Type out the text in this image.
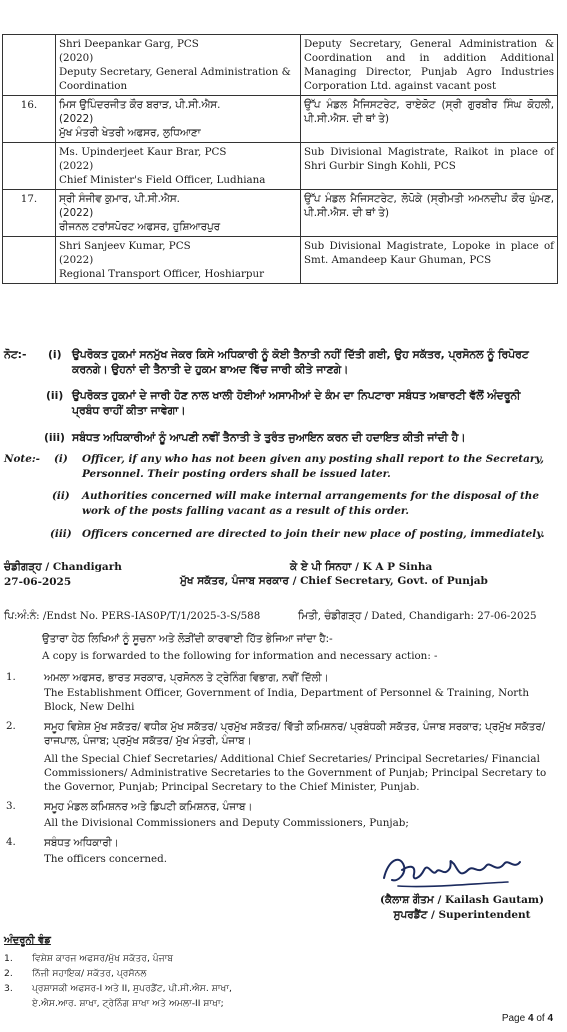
	Shri Deepankar Garg, PCS
(2020)
Deputy Secretary, General Administration & Coordination	Deputy Secretary, General Administration & Coordination and in addition Additional Managing Director, Punjab Agro Industries Corporation Ltd. against vacant post
16.	ਮਿਸ ਉਪਿੰਦਰਜੀਤ ਕੌਰ ਬਰਾੜ, ਪੀ.ਸੀ.ਐਸ.
(2022)
ਮੁੱਖ ਮੰਤਰੀ ਖੇਤਰੀ ਅਫਸਰ, ਲੁਧਿਆਣਾ	ਉੱਪ ਮੰਡਲ ਮੈਜਿਸਟਰੇਟ, ਰਾਏਕੋਟ (ਸ੍ਰੀ ਗੁਰਬੀਰ ਸਿੰਘ ਕੋਹਲੀ, ਪੀ.ਸੀ.ਐਸ. ਦੀ ਥਾਂ ਤੇ)

	Ms. Upinderjeet Kaur Brar, PCS
(2022)
Chief Minister's Field Officer, Ludhiana	Sub Divisional Magistrate, Raikot in place of Shri Gurbir Singh Kohli, PCS
17.	ਸ੍ਰੀ ਸੰਜੀਵ ਕੁਮਾਰ, ਪੀ.ਸੀ.ਐਸ.
(2022)
ਰੀਜਨਲ ਟਰਾਂਸਪੋਰਟ ਅਫਸਰ, ਹੁਸ਼ਿਆਰਪੁਰ	ਉੱਪ ਮੰਡਲ ਮੈਜਿਸਟਰੇਟ, ਲੋਪੋਕੇ (ਸ੍ਰੀਮਤੀ ਅਮਨਦੀਪ ਕੌਰ ਘੁੰਮਣ, ਪੀ.ਸੀ.ਐਸ. ਦੀ ਥਾਂ ਤੇ)

	Shri Sanjeev Kumar, PCS
(2022)
Regional Transport Officer, Hoshiarpur	Sub Divisional Magistrate, Lopoke in place of Smt. Amandeep Kaur Ghuman, PCS
ਨੋਟ:- (i) ਉਪਰੋਕਤ ਹੁਕਮਾਂ ਸਨਮੁੱਖ ਜੇਕਰ ਕਿਸੇ ਅਧਿਕਾਰੀ ਨੂੰ ਕੋਈ ਤੈਨਾਤੀ ਨਹੀਂ ਦਿੱਤੀ ਗਈ, ਉਹ ਸਕੱਤਰ, ਪ੍ਰਸੋਨਲ ਨੂੰ ਰਿਪੋਰਟ ਕਰਨਗੇ। ਉਹਨਾਂ ਦੀ ਤੈਨਾਤੀ ਦੇ ਹੁਕਮ ਬਾਅਦ ਵਿੱਚ ਜਾਰੀ ਕੀਤੇ ਜਾਣਗੇ।
(ii) ਉਪਰੋਕਤ ਹੁਕਮਾਂ ਦੇ ਜਾਰੀ ਹੋਣ ਨਾਲ ਖਾਲੀ ਹੋਈਆਂ ਅਸਾਮੀਆਂ ਦੇ ਕੰਮ ਦਾ ਨਿਪਟਾਰਾ ਸਬੰਧਤ ਅਥਾਰਟੀ ਵੱਲੋਂ ਅੰਦਰੂਨੀ ਪ੍ਰਬੰਧ ਰਾਹੀਂ ਕੀਤਾ ਜਾਵੇਗਾ।
(iii) ਸਬੰਧਤ ਅਧਿਕਾਰੀਆਂ ਨੂੰ ਆਪਣੀ ਨਵੀਂ ਤੈਨਾਤੀ ਤੇ ਤੁਰੰਤ ਜੁਆਇਨ ਕਰਨ ਦੀ ਹਦਾਇਤ ਕੀਤੀ ਜਾਂਦੀ ਹੈ।
Note:- (i) Officer, if any who has not been given any posting shall report to the Secretary, Personnel. Their posting orders shall be issued later.
(ii) Authorities concerned will make internal arrangements for the disposal of the work of the posts falling vacant as a result of this order.
(iii) Officers concerned are directed to join their new place of posting, immediately.
ਚੰਡੀਗੜ੍ਹ / Chandigarh
27-06-2025
ਕੇ ਏ ਪੀ ਸਿਨਹਾ / K A P Sinha
ਮੁੱਖ ਸਕੱਤਰ, ਪੰਜਾਬ ਸਰਕਾਰ / Chief Secretary, Govt. of Punjab
ਪਿ:ਅੰ:ਨੰ: /Endst No. PERS-IAS0P/T/1/2025-3-S/588	ਮਿਤੀ, ਚੰਡੀਗੜ੍ਹ / Dated, Chandigarh: 27-06-2025
ਉਤਾਰਾ ਹੇਠ ਲਿਖਿਆਂ ਨੂੰ ਸੂਚਨਾ ਅਤੇ ਲੋੜੀਂਦੀ ਕਾਰਵਾਈ ਹਿੱਤ ਭੇਜਿਆ ਜਾਂਦਾ ਹੈ:-
A copy is forwarded to the following for information and necessary action: -
1.	ਅਮਲਾ ਅਫਸਰ, ਭਾਰਤ ਸਰਕਾਰ, ਪ੍ਰਸੋਨਲ ਤੇ ਟ੍ਰੇਨਿੰਗ ਵਿਭਾਗ, ਨਵੀਂ ਦਿੱਲੀ।
The Establishment Officer, Government of India, Department of Personnel & Training, North Block, New Delhi
2.	ਸਮੂਹ ਵਿਸ਼ੇਸ਼ ਮੁੱਖ ਸਕੱਤਰ/ ਵਧੀਕ ਮੁੱਖ ਸਕੱਤਰ/ ਪ੍ਰਮੁੱਖ ਸਕੱਤਰ/ ਵਿੱਤੀ ਕਮਿਸ਼ਨਰ/ ਪ੍ਰਬੰਧਕੀ ਸਕੱਤਰ, ਪੰਜਾਬ ਸਰਕਾਰ; ਪ੍ਰਮੁੱਖ ਸਕੱਤਰ/ ਰਾਜਪਾਲ, ਪੰਜਾਬ; ਪ੍ਰਮੁੱਖ ਸਕੱਤਰ/ ਮੁੱਖ ਮੰਤਰੀ, ਪੰਜਾਬ।
All the Special Chief Secretaries/ Additional Chief Secretaries/ Principal Secretaries/ Financial Commissioners/ Administrative Secretaries to the Government of Punjab; Principal Secretary to the Governor, Punjab; Principal Secretary to the Chief Minister, Punjab.
3.	ਸਮੂਹ ਮੰਡਲ ਕਮਿਸ਼ਨਰ ਅਤੇ ਡਿਪਟੀ ਕਮਿਸ਼ਨਰ, ਪੰਜਾਬ।
All the Divisional Commissioners and Deputy Commissioners, Punjab;
4.	ਸਬੰਧਤ ਅਧਿਕਾਰੀ।
The officers concerned.
(ਕੈਲਾਸ਼ ਗੌਤਮ / Kailash Gautam)
ਸੁਪਰਡੈਂਟ / Superintendent
ਅੰਦਰੂਨੀ ਵੰਡ
1. ਵਿਸ਼ੇਸ਼ ਕਾਰਜ ਅਫਸਰ/ਮੁੱਖ ਸਕੱਤਰ, ਪੰਜਾਬ
2. ਨਿੱਜੀ ਸਹਾਇਕ/ ਸਕੱਤਰ, ਪ੍ਰਸੋਨਲ
3. ਪ੍ਰਸ਼ਾਸਕੀ ਅਫਸਰ-I ਅਤੇ II, ਸੁਪਰਡੈਂਟ, ਪੀ.ਸੀ.ਐਸ. ਸ਼ਾਖਾ,
ਏ.ਐਸ.ਆਰ. ਸ਼ਾਖਾ, ਟ੍ਰੇਨਿੰਗ ਸ਼ਾਖਾ ਅਤੇ ਅਮਲਾ-II ਸ਼ਾਖਾ;
Page 4 of 4
